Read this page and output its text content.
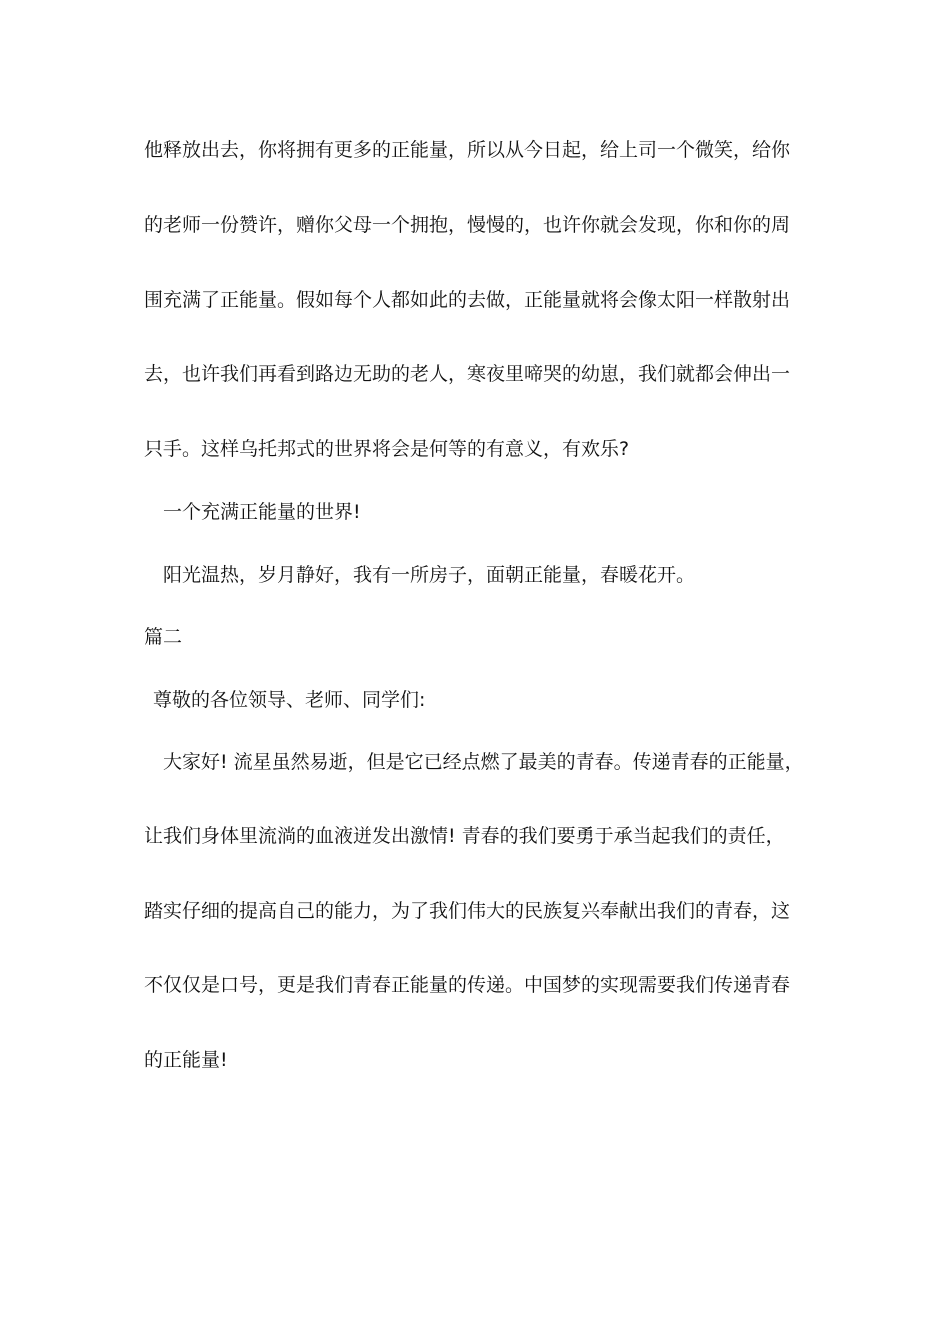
他释放出去，你将拥有更多的正能量，所以从今日起，给上司一个微笑，给你
的老师一份赞许，赠你父母一个拥抱，慢慢的，也许你就会发现，你和你的周
围充满了正能量。假如每个人都如此的去做，正能量就将会像太阳一样散射出
去，也许我们再看到路边无助的老人，寒夜里啼哭的幼崽，我们就都会伸出一
只手。这样乌托邦式的世界将会是何等的有意义，有欢乐?
一个充满正能量的世界!
阳光温热，岁月静好，我有一所房子，面朝正能量，春暖花开。
篇二
尊敬的各位领导、老师、同学们:
大家好! 流星虽然易逝，但是它已经点燃了最美的青春。传递青春的正能量，
让我们身体里流淌的血液迸发出激情! 青春的我们要勇于承当起我们的责任，
踏实仔细的提高自己的能力，为了我们伟大的民族复兴奉献出我们的青春，这
不仅仅是口号，更是我们青春正能量的传递。中国梦的实现需要我们传递青春
的正能量!
